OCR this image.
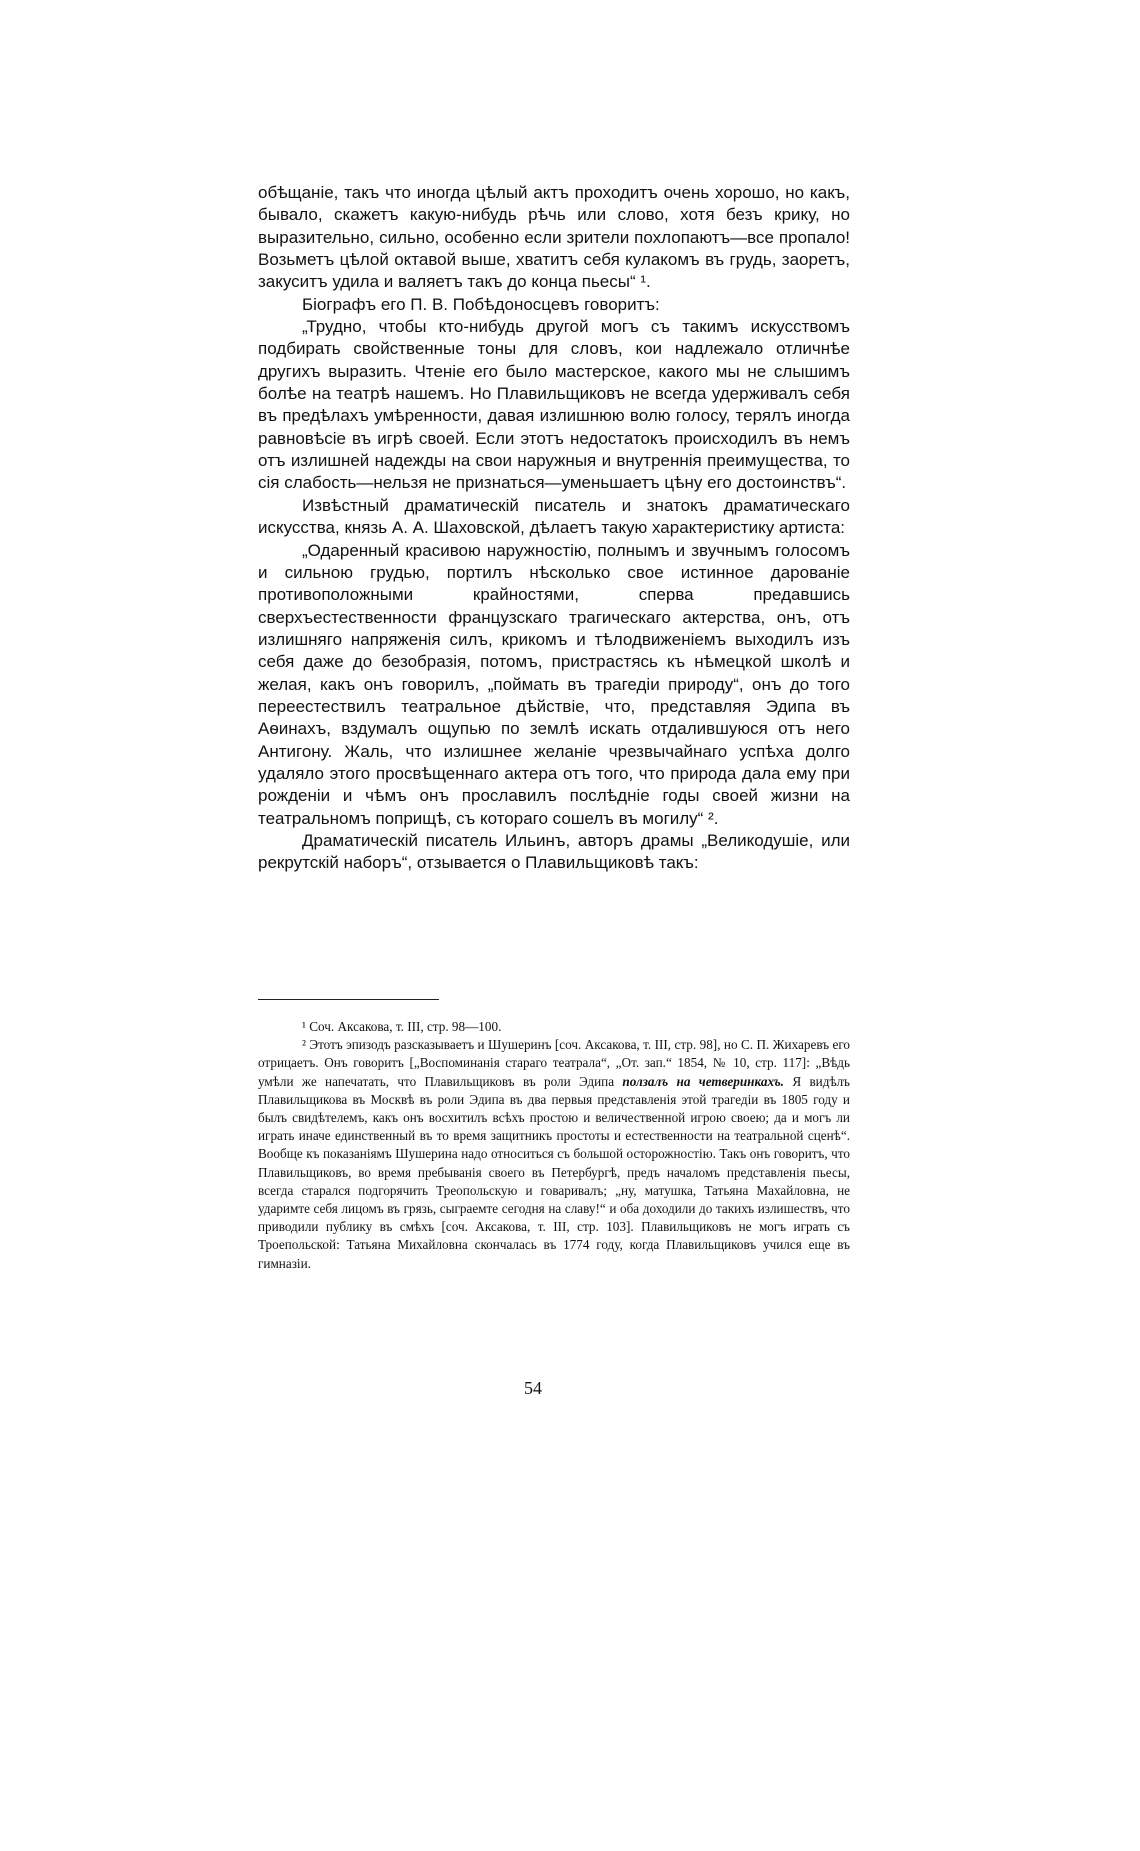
обѣщаніе, такъ что иногда цѣлый актъ проходитъ очень хорошо, но какъ, бывало, скажетъ какую-нибудь рѣчь или слово, хотя безъ крику, но выразительно, сильно, особенно если зрители похлопаютъ—все пропало! Возьметъ цѣлой октавой выше, хватитъ себя кулакомъ въ грудь, заоретъ, закуситъ удила и валяетъ такъ до конца пьесы“ ¹.

Біографъ его П. В. Побѣдоносцевъ говоритъ:

„Трудно, чтобы кто-нибудь другой могъ съ такимъ искусствомъ подбирать свойственные тоны для словъ, кои надлежало отличнѣе другихъ выразить. Чтеніе его было мастерское, какого мы не слышимъ болѣе на театрѣ нашемъ. Но Плавильщиковъ не всегда удерживалъ себя въ предѣлахъ умѣренности, давая излишнюю волю голосу, терялъ иногда равновѣсіе въ игрѣ своей. Если этотъ недостатокъ происходилъ въ немъ отъ излишней надежды на свои наружныя и внутреннія преимущества, то сія слабость—нельзя не признаться—уменьшаетъ цѣну его достоинствъ“.

Извѣстный драматическій писатель и знатокъ драматическаго искусства, князь А. А. Шаховской, дѣлаетъ такую характеристику артиста:

„Одаренный красивою наружностію, полнымъ и звучнымъ голосомъ и сильною грудью, портилъ нѣсколько свое истинное дарованіе противоположными крайностями, сперва предавшись сверхъестественности французскаго трагическаго актерства, онъ, отъ излишняго напряженія силъ, крикомъ и тѣлодвиженіемъ выходилъ изъ себя даже до безобразія, потомъ, пристрастясь къ нѣмецкой школѣ и желая, какъ онъ говорилъ, „поймать въ трагедіи природу“, онъ до того переестествилъ театральное дѣйствіе, что, представляя Эдипа въ Аѳинахъ, вздумалъ ощупью по землѣ искать отдалившуюся отъ него Антигону. Жаль, что излишнее желаніе чрезвычайнаго успѣха долго удаляло этого просвѣщеннаго актера отъ того, что природа дала ему при рожденіи и чѣмъ онъ прославилъ послѣдніе годы своей жизни на театральномъ поприщѣ, съ котораго сошелъ въ могилу“ ².

Драматическій писатель Ильинъ, авторъ драмы „Великодушіе, или рекрутскій наборъ“, отзывается о Плавильщиковѣ такъ:

¹ Соч. Аксакова, т. III, стр. 98—100.

² Этотъ эпизодъ разсказываетъ и Шушеринъ [соч. Аксакова, т. III, стр. 98], но С. П. Жихаревъ его отрицаетъ. Онъ говоритъ [„Воспоминанія стараго театрала“, „От. зап.“ 1854, № 10, стр. 117]: „Вѣдь умѣли же напечатать, что Плавильщиковъ въ роли Эдипа ползалъ на четверинкахъ. Я видѣлъ Плавильщикова въ Москвѣ въ роли Эдипа въ два первыя представленія этой трагедіи въ 1805 году и былъ свидѣтелемъ, какъ онъ восхитилъ всѣхъ простою и величественной игрою своею; да и могъ ли играть иначе единственный въ то время защитникъ простоты и естественности на театральной сценѣ“. Вообще къ показаніямъ Шушерина надо относиться съ большой осторожностію. Такъ онъ говоритъ, что Плавильщиковъ, во время пребыванія своего въ Петербургѣ, предъ началомъ представленія пьесы, всегда старался подгорячить Треопольскую и говаривалъ; „ну, матушка, Татьяна Махайловна, не ударимте себя лицомъ въ грязь, сыграемте сегодня на славу!“ и оба доходили до такихъ излишествъ, что приводили публику въ смѣхъ [соч. Аксакова, т. III, стр. 103]. Плавильщиковъ не могъ играть съ Троепольской: Татьяна Михайловна скончалась въ 1774 году, когда Плавильщиковъ учился еще въ гимназіи.

54
